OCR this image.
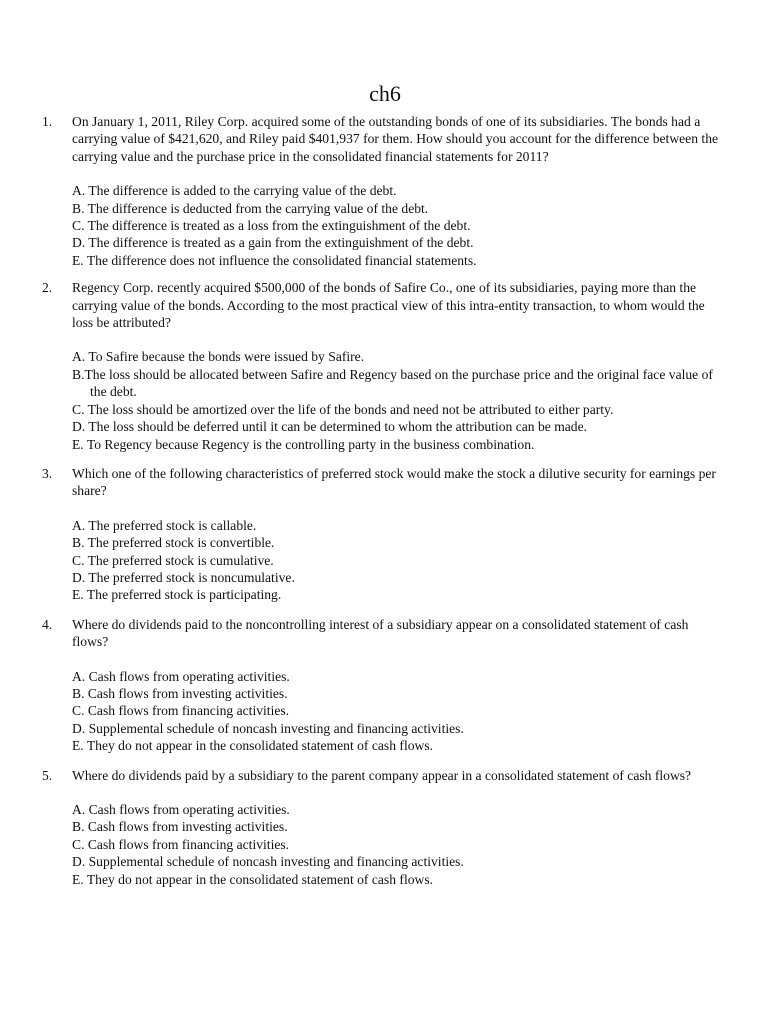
ch6
1. On January 1, 2011, Riley Corp. acquired some of the outstanding bonds of one of its subsidiaries. The bonds had a carrying value of $421,620, and Riley paid $401,937 for them. How should you account for the difference between the carrying value and the purchase price in the consolidated financial statements for 2011?

A. The difference is added to the carrying value of the debt.
B. The difference is deducted from the carrying value of the debt.
C. The difference is treated as a loss from the extinguishment of the debt.
D. The difference is treated as a gain from the extinguishment of the debt.
E. The difference does not influence the consolidated financial statements.
2. Regency Corp. recently acquired $500,000 of the bonds of Safire Co., one of its subsidiaries, paying more than the carrying value of the bonds. According to the most practical view of this intra-entity transaction, to whom would the loss be attributed?

A. To Safire because the bonds were issued by Safire.
B.The loss should be allocated between Safire and Regency based on the purchase price and the original face value of the debt.
C. The loss should be amortized over the life of the bonds and need not be attributed to either party.
D. The loss should be deferred until it can be determined to whom the attribution can be made.
E. To Regency because Regency is the controlling party in the business combination.
3. Which one of the following characteristics of preferred stock would make the stock a dilutive security for earnings per share?

A. The preferred stock is callable.
B. The preferred stock is convertible.
C. The preferred stock is cumulative.
D. The preferred stock is noncumulative.
E. The preferred stock is participating.
4. Where do dividends paid to the noncontrolling interest of a subsidiary appear on a consolidated statement of cash flows?

A. Cash flows from operating activities.
B. Cash flows from investing activities.
C. Cash flows from financing activities.
D. Supplemental schedule of noncash investing and financing activities.
E. They do not appear in the consolidated statement of cash flows.
5. Where do dividends paid by a subsidiary to the parent company appear in a consolidated statement of cash flows?

A. Cash flows from operating activities.
B. Cash flows from investing activities.
C. Cash flows from financing activities.
D. Supplemental schedule of noncash investing and financing activities.
E. They do not appear in the consolidated statement of cash flows.
